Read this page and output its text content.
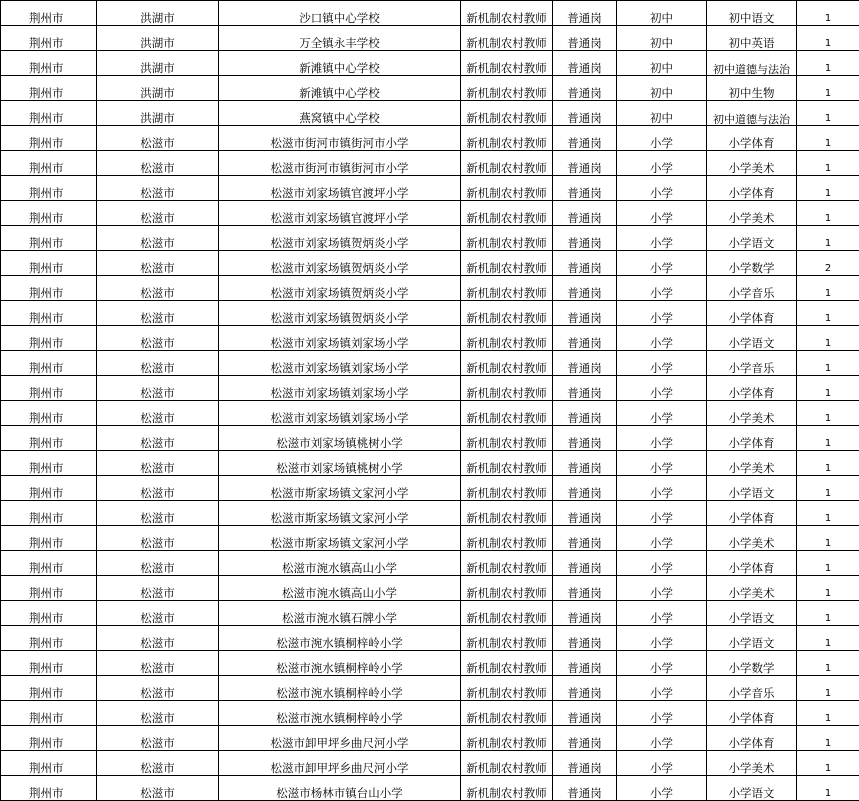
荆州市	洪湖市	沙口镇中心学校	新机制农村教师	普通岗	初中	初中语文	1
荆州市	洪湖市	万全镇永丰学校	新机制农村教师	普通岗	初中	初中英语	1
荆州市	洪湖市	新滩镇中心学校	新机制农村教师	普通岗	初中	初中道德与法治	1
荆州市	洪湖市	新滩镇中心学校	新机制农村教师	普通岗	初中	初中生物	1
荆州市	洪湖市	燕窝镇中心学校	新机制农村教师	普通岗	初中	初中道德与法治	1
荆州市	松滋市	松滋市街河市镇街河市小学	新机制农村教师	普通岗	小学	小学体育	1
荆州市	松滋市	松滋市街河市镇街河市小学	新机制农村教师	普通岗	小学	小学美术	1
荆州市	松滋市	松滋市刘家场镇官渡坪小学	新机制农村教师	普通岗	小学	小学体育	1
荆州市	松滋市	松滋市刘家场镇官渡坪小学	新机制农村教师	普通岗	小学	小学美术	1
荆州市	松滋市	松滋市刘家场镇贺炳炎小学	新机制农村教师	普通岗	小学	小学语文	1
荆州市	松滋市	松滋市刘家场镇贺炳炎小学	新机制农村教师	普通岗	小学	小学数学	2
荆州市	松滋市	松滋市刘家场镇贺炳炎小学	新机制农村教师	普通岗	小学	小学音乐	1
荆州市	松滋市	松滋市刘家场镇贺炳炎小学	新机制农村教师	普通岗	小学	小学体育	1
荆州市	松滋市	松滋市刘家场镇刘家场小学	新机制农村教师	普通岗	小学	小学语文	1
荆州市	松滋市	松滋市刘家场镇刘家场小学	新机制农村教师	普通岗	小学	小学音乐	1
荆州市	松滋市	松滋市刘家场镇刘家场小学	新机制农村教师	普通岗	小学	小学体育	1
荆州市	松滋市	松滋市刘家场镇刘家场小学	新机制农村教师	普通岗	小学	小学美术	1
荆州市	松滋市	松滋市刘家场镇桃树小学	新机制农村教师	普通岗	小学	小学体育	1
荆州市	松滋市	松滋市刘家场镇桃树小学	新机制农村教师	普通岗	小学	小学美术	1
荆州市	松滋市	松滋市斯家场镇文家河小学	新机制农村教师	普通岗	小学	小学语文	1
荆州市	松滋市	松滋市斯家场镇文家河小学	新机制农村教师	普通岗	小学	小学体育	1
荆州市	松滋市	松滋市斯家场镇文家河小学	新机制农村教师	普通岗	小学	小学美术	1
荆州市	松滋市	松滋市涴水镇高山小学	新机制农村教师	普通岗	小学	小学体育	1
荆州市	松滋市	松滋市涴水镇高山小学	新机制农村教师	普通岗	小学	小学美术	1
荆州市	松滋市	松滋市涴水镇石牌小学	新机制农村教师	普通岗	小学	小学语文	1
荆州市	松滋市	松滋市涴水镇桐梓岭小学	新机制农村教师	普通岗	小学	小学语文	1
荆州市	松滋市	松滋市涴水镇桐梓岭小学	新机制农村教师	普通岗	小学	小学数学	1
荆州市	松滋市	松滋市涴水镇桐梓岭小学	新机制农村教师	普通岗	小学	小学音乐	1
荆州市	松滋市	松滋市涴水镇桐梓岭小学	新机制农村教师	普通岗	小学	小学体育	1
荆州市	松滋市	松滋市卸甲坪乡曲尺河小学	新机制农村教师	普通岗	小学	小学体育	1
荆州市	松滋市	松滋市卸甲坪乡曲尺河小学	新机制农村教师	普通岗	小学	小学美术	1
荆州市	松滋市	松滋市杨林市镇台山小学	新机制农村教师	普通岗	小学	小学语文	1
